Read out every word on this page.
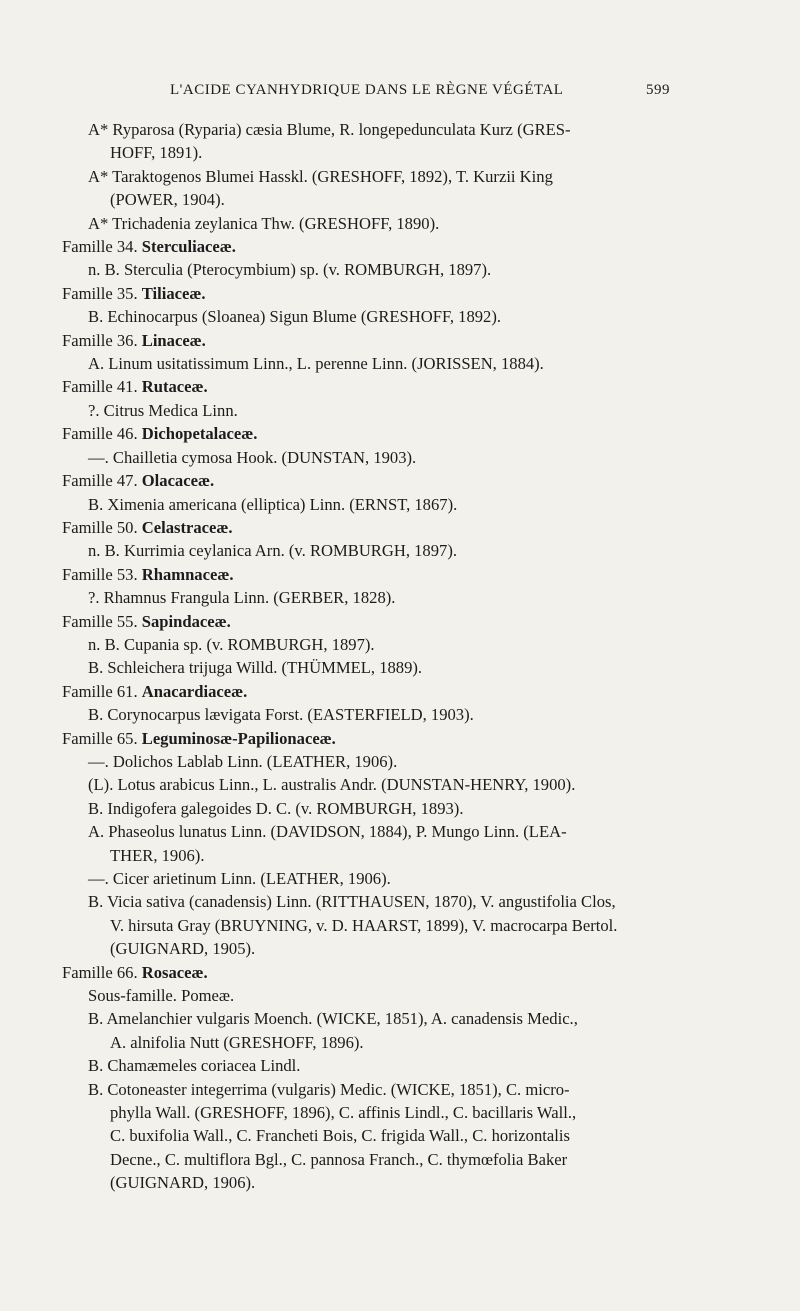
L'ACIDE CYANHYDRIQUE DANS LE RÈGNE VÉGÉTAL	599
A* Ryparosa (Ryparia) cæsia Blume, R. longepedunculata Kurz (GRES-
HOFF, 1891).
A* Taraktogenos Blumei Hasskl. (GRESHOFF, 1892), T. Kurzii King
(POWER, 1904).
A* Trichadenia zeylanica Thw. (GRESHOFF, 1890).
Famille 34. Sterculiaceæ.
n. B. Sterculia (Pterocymbium) sp. (v. ROMBURGH, 1897).
Famille 35. Tiliaceæ.
B. Echinocarpus (Sloanea) Sigun Blume (GRESHOFF, 1892).
Famille 36. Linaceæ.
A. Linum usitatissimum Linn., L. perenne Linn. (JORISSEN, 1884).
Famille 41. Rutaceæ.
?. Citrus Medica Linn.
Famille 46. Dichopetalaceæ.
—. Chailletia cymosa Hook. (DUNSTAN, 1903).
Famille 47. Olacaceæ.
B. Ximenia americana (elliptica) Linn. (ERNST, 1867).
Famille 50. Celastraceæ.
n. B. Kurrimia ceylanica Arn. (v. ROMBURGH, 1897).
Famille 53. Rhamnaceæ.
?. Rhamnus Frangula Linn. (GERBER, 1828).
Famille 55. Sapindaceæ.
n. B. Cupania sp. (v. ROMBURGH, 1897).
B. Schleichera trijuga Willd. (THÜMMEL, 1889).
Famille 61. Anacardiaceæ.
B. Corynocarpus lævigata Forst. (EASTERFIELD, 1903).
Famille 65. Leguminosæ-Papilionaceæ.
—. Dolichos Lablab Linn. (LEATHER, 1906).
(L). Lotus arabicus Linn., L. australis Andr. (DUNSTAN-HENRY, 1900).
B. Indigofera galegoides D. C. (v. ROMBURGH, 1893).
A. Phaseolus lunatus Linn. (DAVIDSON, 1884), P. Mungo Linn. (LEA-
THER, 1906).
—. Cicer arietinum Linn. (LEATHER, 1906).
B. Vicia sativa (canadensis) Linn. (RITTHAUSEN, 1870), V. angustifolia Clos,
V. hirsuta Gray (BRUYNING, v. D. HAARST, 1899), V. macrocarpa Bertol.
(GUIGNARD, 1905).
Famille 66. Rosaceæ.
Sous-famille. Pomeæ.
B. Amelanchier vulgaris Moench. (WICKE, 1851), A. canadensis Medic.,
A. alnifolia Nutt (GRESHOFF, 1896).
B. Chamæmeles coriacea Lindl.
B. Cotoneaster integerrima (vulgaris) Medic. (WICKE, 1851), C. micro-
phylla Wall. (GRESHOFF, 1896), C. affinis Lindl., C. bacillaris Wall.,
C. buxifolia Wall., C. Francheti Bois, C. frigida Wall., C. horizontalis
Decne., C. multiflora Bgl., C. pannosa Franch., C. thymœfolia Baker
(GUIGNARD, 1906).
